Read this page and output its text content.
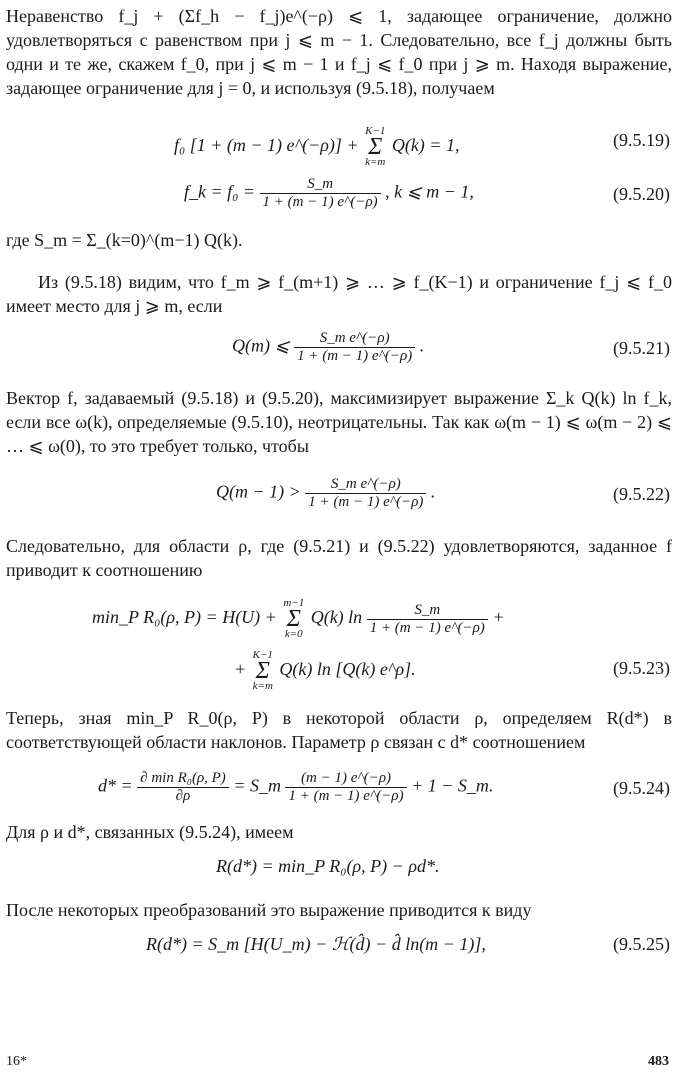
Неравенство f_j + (Σf_h − f_j)e^(−ρ) ⩽ 1, задающее ограничение, должно удовлетворяться с равенством при j ⩽ m − 1. Следовательно, все f_j должны быть одни и те же, скажем f_0, при j ⩽ m − 1 и f_j ⩽ f_0 при j ⩾ m. Находя выражение, задающее ограничение для j = 0, и используя (9.5.18), получаем

f₀ [1 + (m − 1) e^(−ρ)] + K−1
Σ
k=m Q(k) = 1,	(9.5.19)
f_k = $f_0 = \frac{S\_m}{1 + (m - 1) e\^{}(-\rho)}$ , k ⩽ m − 1,	(9.5.20)

где S_m = Σ_(k=0)^(m−1) Q(k).

Из (9.5.18) видим, что f_m ⩾ f_(m+1) ⩾ … ⩾ f_(K−1) и ограничение f_j ⩽ f_0 имеет место для j ⩾ m, если

Q(m) ⩽ $\frac{\text{S\_m e\textasciicircum{}(−ρ)}}{1 + (m - 1) e\^{}(-\rho)}$ .	(9.5.21)

Вектор f, задаваемый (9.5.18) и (9.5.20), максимизирует выражение Σ_k Q(k) ln f_k, если все ω(k), определяемые (9.5.10), неотрицательны. Так как ω(m − 1) ⩽ ω(m − 2) ⩽ … ⩽ ω(0), то это требует только, чтобы

$Q(m - 1) > \frac{\text{S\_m e\textasciicircum{}(−ρ)}}{1 + (m - 1) e\^{}(-\rho)}$ .	(9.5.22)

Следовательно, для области ρ, где (9.5.21) и (9.5.22) удовлетворяются, заданное f приводит к соотношению

min_P R₀(ρ, P) = H(U) + m−1
Σ
k=0 Q(k) $\ln \frac{S\_m}{1 + (m - 1) e\^{}(-\rho)}$ +
+ K−1
Σ
k=m Q(k) ln [Q(k) e^ρ].	(9.5.23)

Теперь, зная min_P R_0(ρ, P) в некоторой области ρ, определяем R(d*) в соответствующей области наклонов. Параметр ρ связан с d* соотношением

$d* = \frac{\text{∂ min R₀(ρ, P)}}{\partial\rho}$ = S_m $\frac{(m - 1) e\^{}(-\rho)}{1 + (m - 1) e\^{}(-\rho)} + 1$ − S_m.	(9.5.24)

Для ρ и d*, связанных (9.5.24), имеем

R(d*) = min_P R₀(ρ, P) − ρd*.

После некоторых преобразований это выражение приводится к виду

R(d*) = S_m [H(U_m) − ℋ(d̂) − d̂ ln(m − 1)],	(9.5.25)
16*	483
